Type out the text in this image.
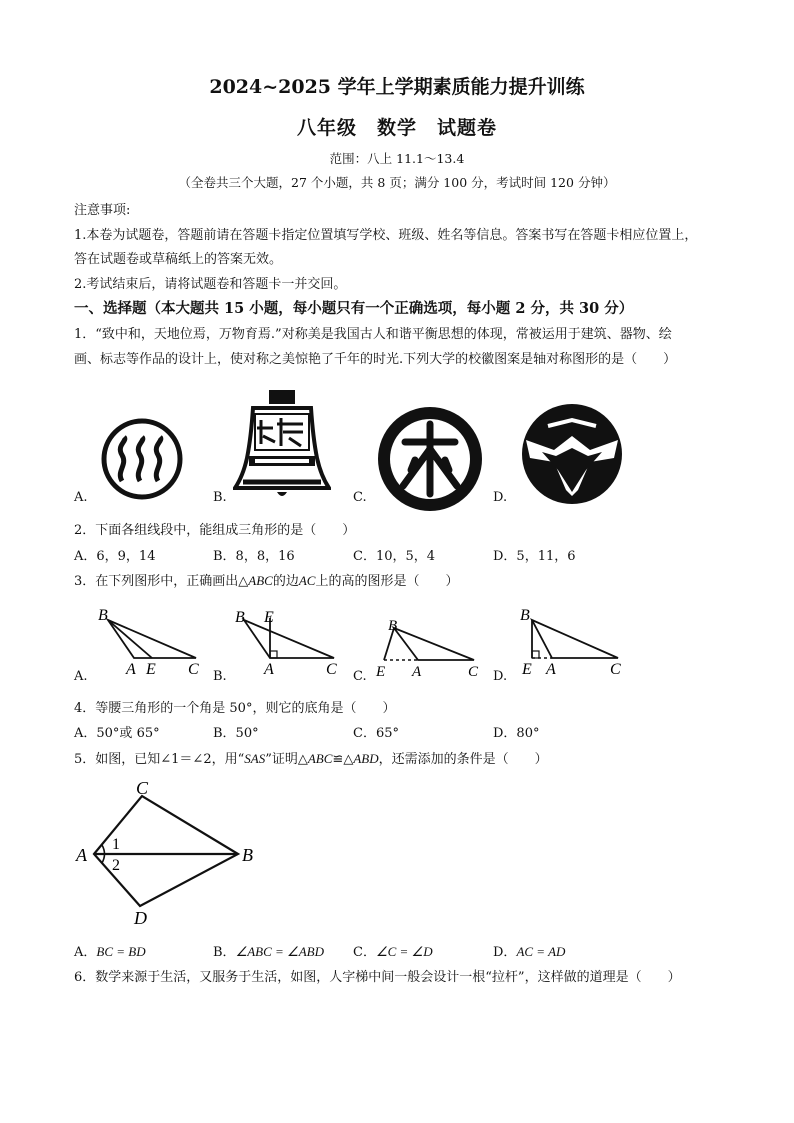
2024~2025 学年上学期素质能力提升训练
八年级　数学　试题卷
范围：八上 11.1～13.4
（全卷共三个大题，27 个小题，共 8 页；满分 100 分，考试时间 120 分钟）
注意事项:
1.本卷为试题卷，答题前请在答题卡指定位置填写学校、班级、姓名等信息。答案书写在答题卡相应位置上，
答在试题卷或草稿纸上的答案无效。
2.考试结束后，请将试题卷和答题卡一并交回。
一、选择题（本大题共 15 小题，每小题只有一个正确选项，每小题 2 分，共 30 分）
1．“致中和，天地位焉，万物育焉.”对称美是我国古人和谐平衡思想的体现，常被运用于建筑、器物、绘
画、标志等作品的设计上，使对称之美惊艳了千年的时光.下列大学的校徽图案是轴对称图形的是（　　）
A.	B.	C.	D.
2．下面各组线段中，能组成三角形的是（　　）
A．6，9，14	B．8，8，16	C．10，5，4	D．5，11，6
3．在下列图形中，正确画出△ABC的边AC上的高的图形是（　　）
B
A E C
B E
A	C
B
E A	C
B
E A	C
A.	B.	C.	D.
4．等腰三角形的一个角是 50°，则它的底角是（　　）
A．50°或 65°	B．50°	C．65°	D．80°
5．如图，已知∠1＝∠2，用“SAS”证明△ABC≌△ABD，还需添加的条件是（　　）
C
A	B
D
1
2
A．BC = BD	B．∠ABC = ∠ABD C．∠C = ∠D	D．AC = AD
6．数学来源于生活，又服务于生活，如图，人字梯中间一般会设计一根“拉杆”，这样做的道理是（　　）
